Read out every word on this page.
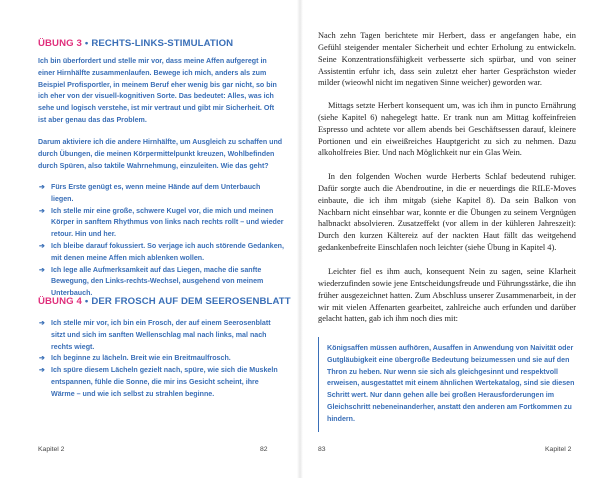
ÜBUNG 3 • RECHTS-LINKS-STIMULATION

Ich bin überfordert und stelle mir vor, dass meine Affen aufgeregt in einer Hirnhälfte zusammenlaufen. Bewege ich mich, anders als zum Beispiel Profisportler, in meinem Beruf eher wenig bis gar nicht, so bin ich eher von der visuell-kognitiven Sorte. Das bedeutet: Alles, was ich sehe und logisch verstehe, ist mir vertraut und gibt mir Sicherheit. Oft ist aber genau das das Problem.

Darum aktiviere ich die andere Hirnhälfte, um Ausgleich zu schaffen und durch Übungen, die meinen Körpermittelpunkt kreuzen, Wohlbefinden durch Spüren, also taktile Wahrnehmung, einzuleiten. Wie das geht?

➔ Fürs Erste genügt es, wenn meine Hände auf dem Unterbauch liegen.
➔ Ich stelle mir eine große, schwere Kugel vor, die mich und meinen Körper in sanftem Rhythmus von links nach rechts rollt – und wieder retour. Hin und her.
➔ Ich bleibe darauf fokussiert. So verjage ich auch störende Gedanken, mit denen meine Affen mich ablenken wollen.
➔ Ich lege alle Aufmerksamkeit auf das Liegen, mache die sanfte Bewegung, den Links-rechts-Wechsel, ausgehend von meinem Unterbauch.
ÜBUNG 4 • DER FROSCH AUF DEM SEEROSENBLATT
➔ Ich stelle mir vor, ich bin ein Frosch, der auf einem Seerosenblatt sitzt und sich im sanften Wellenschlag mal nach links, mal nach rechts wiegt.
➔ Ich beginne zu lächeln. Breit wie ein Breitmaulfrosch.
➔ Ich spüre diesem Lächeln gezielt nach, spüre, wie sich die Muskeln entspannen, fühle die Sonne, die mir ins Gesicht scheint, ihre Wärme – und wie ich selbst zu strahlen beginne.
Kapitel 2	82

Nach zehn Tagen berichtete mir Herbert, dass er angefangen habe, ein Gefühl steigender mentaler Sicherheit und echter Erholung zu entwickeln. Seine Konzentrationsfähigkeit verbesserte sich spürbar, und von seiner Assistentin erfuhr ich, dass sein zuletzt eher harter Gesprächston wieder milder (wieowhl nicht im negativen Sinne weicher) geworden war.

Mittags setzte Herbert konsequent um, was ich ihm in puncto Ernährung (siehe Kapitel 6) nahegelegt hatte. Er trank nun am Mittag koffeinfreien Espresso und achtete vor allem abends bei Geschäftsessen darauf, kleinere Portionen und ein eiweißreiches Hauptgericht zu sich zu nehmen. Dazu alkoholfreies Bier. Und nach Möglichkeit nur ein Glas Wein.

In den folgenden Wochen wurde Herberts Schlaf bedeutend ruhiger. Dafür sorgte auch die Abendroutine, in die er neuerdings die RILE-Moves einbaute, die ich ihm mitgab (siehe Kapitel 8). Da sein Balkon von Nachbarn nicht einsehbar war, konnte er die Übungen zu seinem Vergnügen halbnackt absolvieren. Zusatzeffekt (vor allem in der kühleren Jahreszeit): Durch den kurzen Kältereiz auf der nackten Haut fällt das weitgehend gedankenbefreite Einschlafen noch leichter (siehe Übung in Kapitel 4).

Leichter fiel es ihm auch, konsequent Nein zu sagen, seine Klarheit wiederzufinden sowie jene Entscheidungsfreude und Führungsstärke, die ihn früher ausgezeichnet hatten. Zum Abschluss unserer Zusammenarbeit, in der wir mit vielen Affenarten gearbeitet, zahlreiche auch erfunden und darüber gelacht hatten, gab ich ihm noch dies mit:

Königsaffen müssen aufhören, Ausaffen in Anwendung von Naivität oder Gutgläubigkeit eine übergroße Bedeutung beizumessen und sie auf den Thron zu heben. Nur wenn sie sich als gleichgesinnt und respektvoll erweisen, ausgestattet mit einem ähnlichen Wertekatalog, sind sie diesen Schritt wert. Nur dann gehen alle bei großen Herausforderungen im Gleichschritt nebeneinanderher, anstatt den anderen am Fortkommen zu hindern.
83	Kapitel 2
